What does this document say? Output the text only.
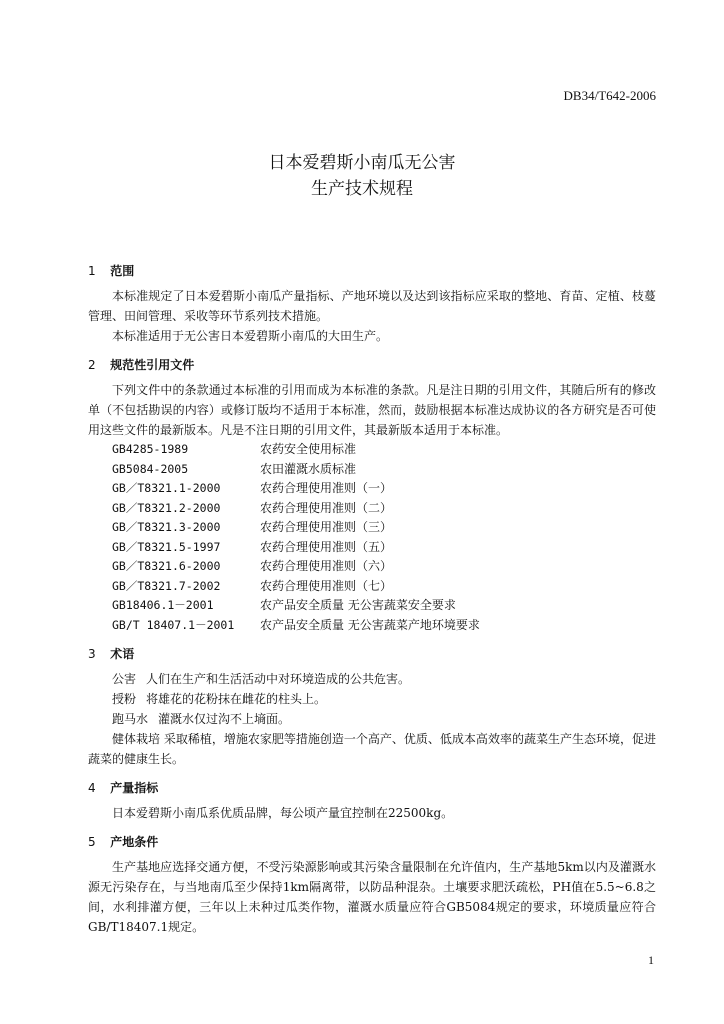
DB34/T642-2006
日本爱碧斯小南瓜无公害
生产技术规程
1 范围

本标准规定了日本爱碧斯小南瓜产量指标、产地环境以及达到该指标应采取的整地、育苗、定植、枝蔓管理、田间管理、采收等环节系列技术措施。

本标准适用于无公害日本爱碧斯小南瓜的大田生产。

2 规范性引用文件

下列文件中的条款通过本标准的引用而成为本标准的条款。凡是注日期的引用文件，其随后所有的修改单（不包括勘误的内容）或修订版均不适用于本标准，然而，鼓励根据本标准达成协议的各方研究是否可使用这些文件的最新版本。凡是不注日期的引用文件，其最新版本适用于本标准。

GB4285-1989	农药安全使用标准
GB5084-2005	农田灌溉水质标准
GB／T8321.1-2000	农药合理使用准则（一）
GB／T8321.2-2000	农药合理使用准则（二）
GB／T8321.3-2000	农药合理使用准则（三）
GB／T8321.5-1997	农药合理使用准则（五）
GB／T8321.6-2000	农药合理使用准则（六）
GB／T8321.7-2002	农药合理使用准则（七）
GB18406.1－2001	农产品安全质量 无公害蔬菜安全要求
GB/T 18407.1－2001	农产品安全质量 无公害蔬菜产地环境要求
3 术语
公害 人们在生产和生活活动中对环境造成的公共危害。
授粉 将雄花的花粉抹在雌花的柱头上。
跑马水 灌溉水仅过沟不上墒面。

健体栽培 采取稀植，增施农家肥等措施创造一个高产、优质、低成本高效率的蔬菜生产生态环境，促进蔬菜的健康生长。

4 产量指标

日本爱碧斯小南瓜系优质品牌，每公顷产量宜控制在22500kg。

5 产地条件

生产基地应选择交通方便，不受污染源影响或其污染含量限制在允许值内，生产基地5km以内及灌溉水源无污染存在，与当地南瓜至少保持1km隔离带，以防品种混杂。土壤要求肥沃疏松，PH值在5.5~6.8之间，水利排灌方便，三年以上未种过瓜类作物，灌溉水质量应符合GB5084规定的要求，环境质量应符合GB/T18407.1规定。

1
